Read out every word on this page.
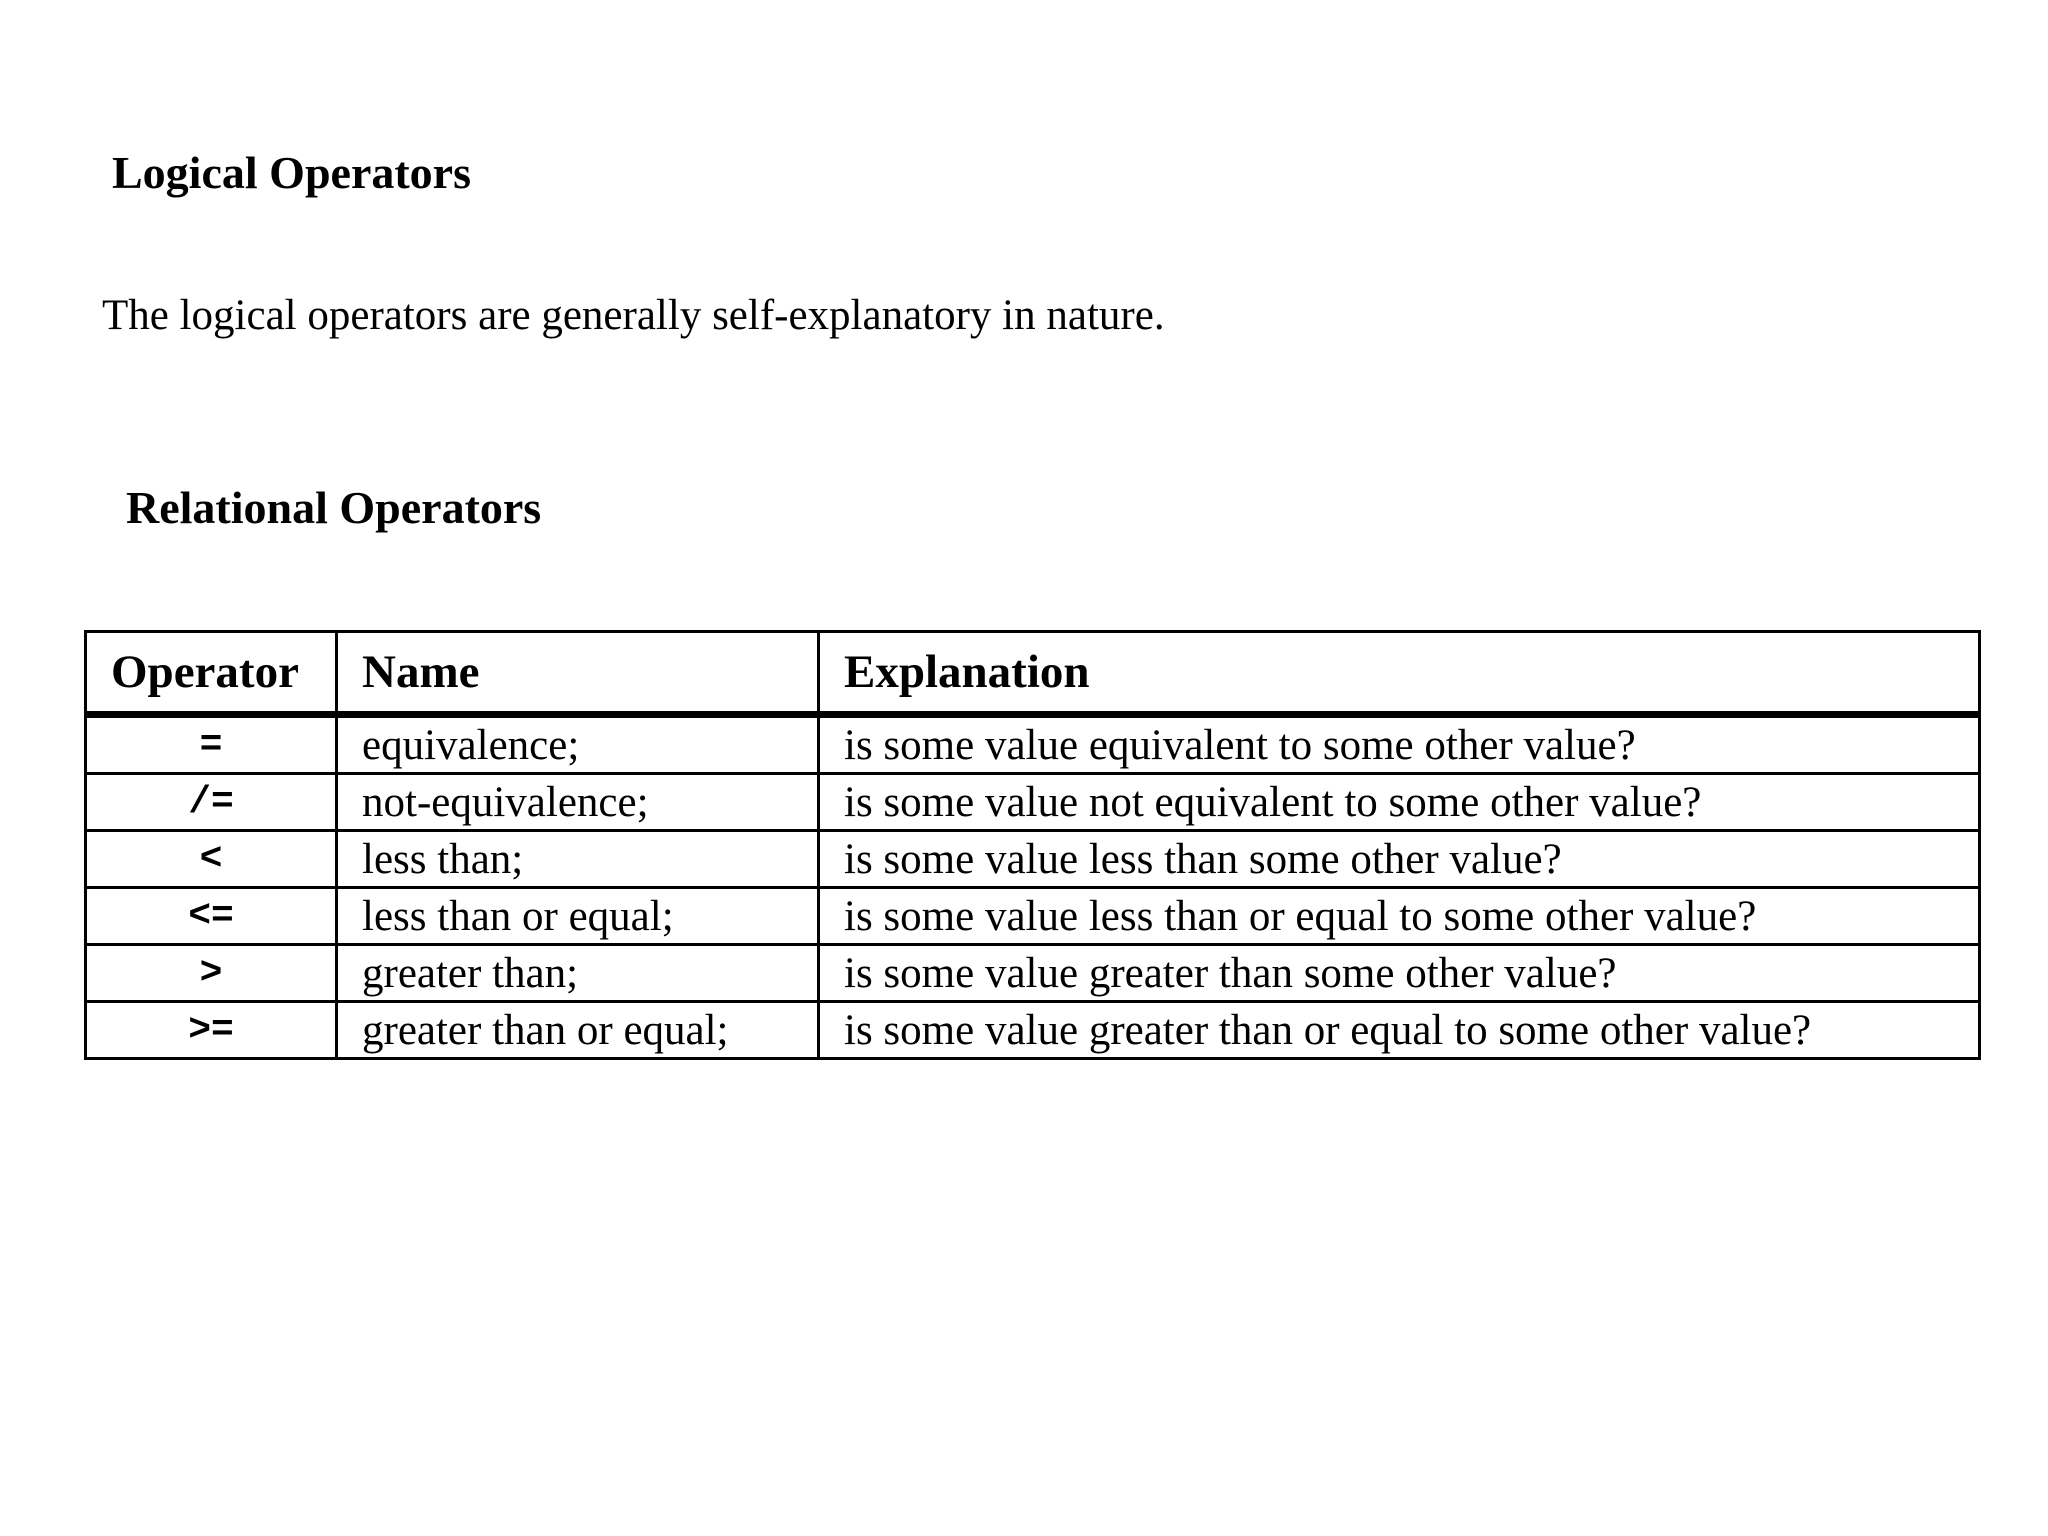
Logical Operators
The logical operators are generally self-explanatory in nature.
Relational Operators
Operator	Name	Explanation
=	equivalence;	is some value equivalent to some other value?
/=	not-equivalence;	is some value not equivalent to some other value?
<	less than;	is some value less than some other value?
<=	less than or equal;	is some value less than or equal to some other value?
>	greater than;	is some value greater than some other value?
>=	greater than or equal;	is some value greater than or equal to some other value?
